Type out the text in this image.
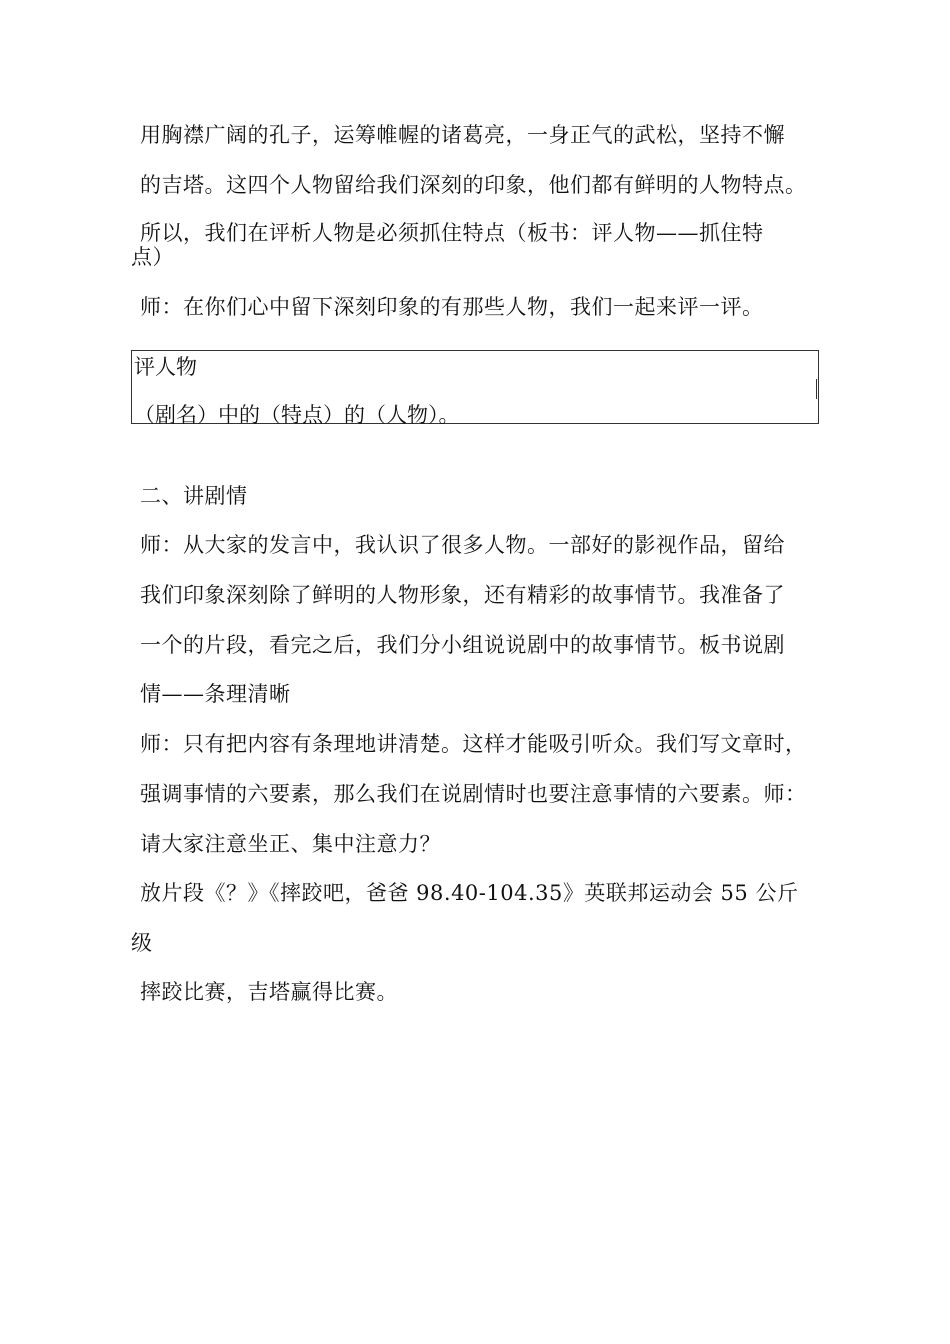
用胸襟广阔的孔子，运筹帷幄的诸葛亮，一身正气的武松，坚持不懈
的吉塔。这四个人物留给我们深刻的印象，他们都有鲜明的人物特点。
所以，我们在评析人物是必须抓住特点（板书：评人物——抓住特
点）
师：在你们心中留下深刻印象的有那些人物，我们一起来评一评。
评人物
（剧名）中的（特点）的（人物）。
二、讲剧情
师：从大家的发言中，我认识了很多人物。一部好的影视作品，留给
我们印象深刻除了鲜明的人物形象，还有精彩的故事情节。我准备了
一个的片段，看完之后，我们分小组说说剧中的故事情节。板书说剧
情——条理清晰
师：只有把内容有条理地讲清楚。这样才能吸引听众。我们写文章时，
强调事情的六要素，那么我们在说剧情时也要注意事情的六要素。师：
请大家注意坐正、集中注意力？
放片段《？》《摔跤吧，爸爸 98.40-104.35》英联邦运动会 55 公斤
级
摔跤比赛，吉塔赢得比赛。
